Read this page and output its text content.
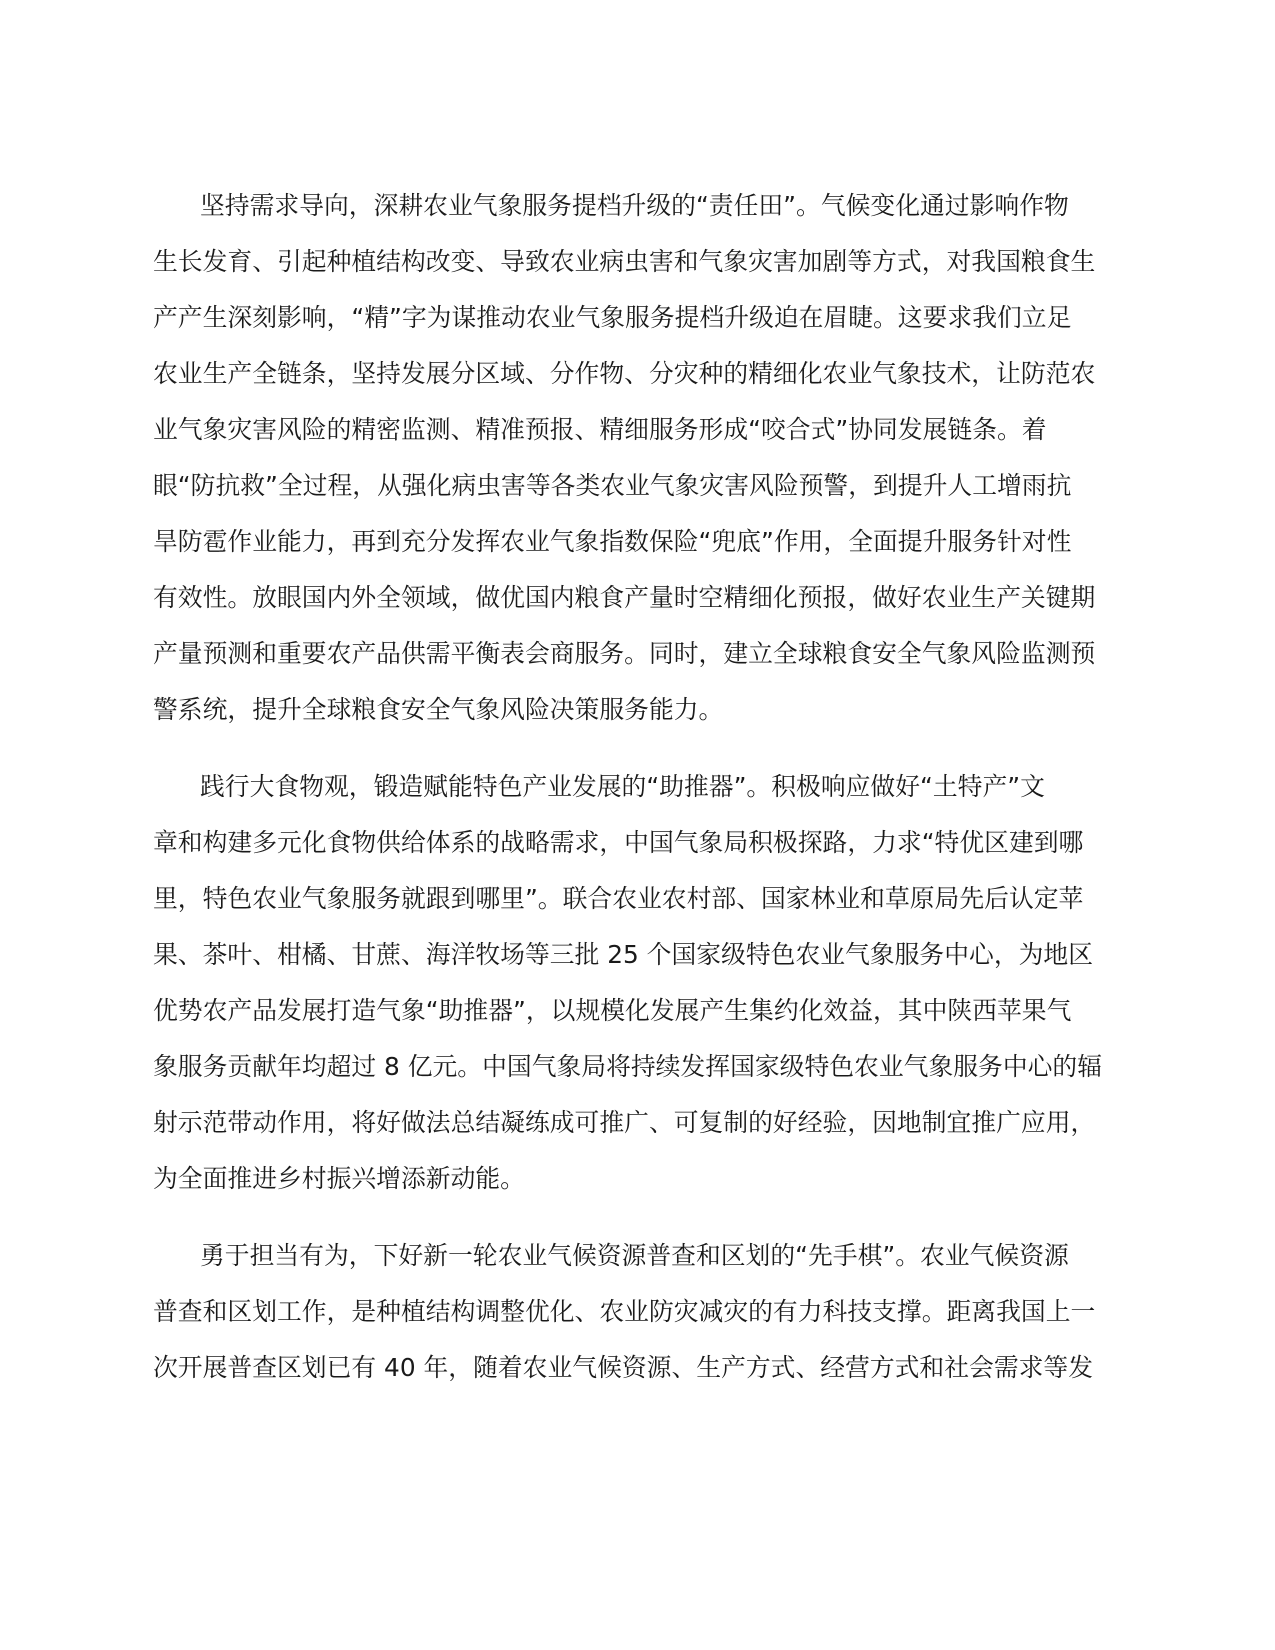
坚持需求导向，深耕农业气象服务提档升级的“责任田”。气候变化通过影响作物

生长发育、引起种植结构改变、导致农业病虫害和气象灾害加剧等方式，对我国粮食生

产产生深刻影响，“精”字为谋推动农业气象服务提档升级迫在眉睫。这要求我们立足

农业生产全链条，坚持发展分区域、分作物、分灾种的精细化农业气象技术，让防范农

业气象灾害风险的精密监测、精准预报、精细服务形成“咬合式”协同发展链条。着

眼“防抗救”全过程，从强化病虫害等各类农业气象灾害风险预警，到提升人工增雨抗

旱防雹作业能力，再到充分发挥农业气象指数保险“兜底”作用，全面提升服务针对性

有效性。放眼国内外全领域，做优国内粮食产量时空精细化预报，做好农业生产关键期

产量预测和重要农产品供需平衡表会商服务。同时，建立全球粮食安全气象风险监测预

警系统，提升全球粮食安全气象风险决策服务能力。

践行大食物观，锻造赋能特色产业发展的“助推器”。积极响应做好“土特产”文

章和构建多元化食物供给体系的战略需求，中国气象局积极探路，力求“特优区建到哪

里，特色农业气象服务就跟到哪里”。联合农业农村部、国家林业和草原局先后认定苹

果、茶叶、柑橘、甘蔗、海洋牧场等三批 25 个国家级特色农业气象服务中心，为地区

优势农产品发展打造气象“助推器”，以规模化发展产生集约化效益，其中陕西苹果气

象服务贡献年均超过 8 亿元。中国气象局将持续发挥国家级特色农业气象服务中心的辐

射示范带动作用，将好做法总结凝练成可推广、可复制的好经验，因地制宜推广应用，

为全面推进乡村振兴增添新动能。

勇于担当有为，下好新一轮农业气候资源普查和区划的“先手棋”。农业气候资源

普查和区划工作，是种植结构调整优化、农业防灾减灾的有力科技支撑。距离我国上一

次开展普查区划已有 40 年，随着农业气候资源、生产方式、经营方式和社会需求等发
